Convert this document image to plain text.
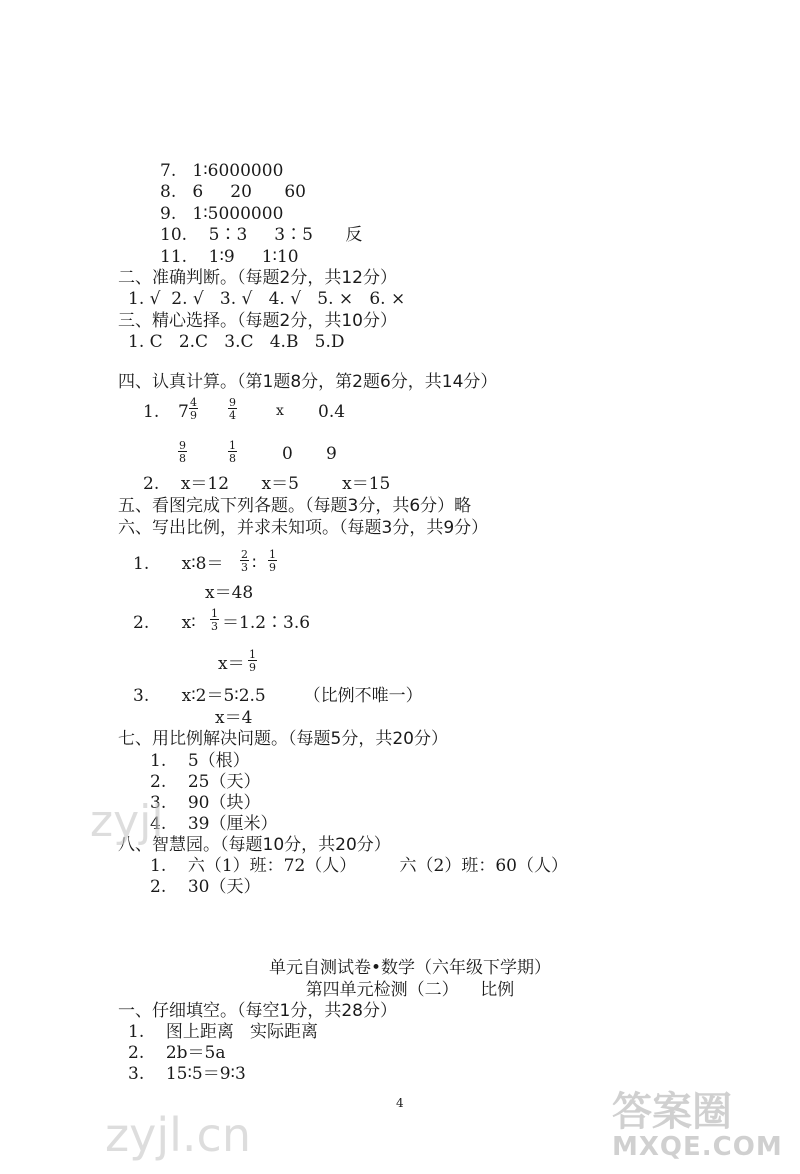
7.   1∶6000000
8.   6     20      60
9.   1∶5000000
10.    5∶3     3∶5      反
11.    1∶9     1∶10
二、准确判断。（每题2分，共12分）
1. √  2. √   3. √   4. √   5. ×   6. ×
三、精心选择。（每题2分，共10分）
1. C   2.C   3.C   4.B   5.D
四、认真计算。（第1题8分，第2题6分，共14分）
1. $7 \frac{4}{9}$	$\frac{9}{4}$	x 0.4
$\frac{9}{8}$	$\frac{1}{8}$	0 9
2.    x＝12      x＝5        x＝15
五、看图完成下列各题。（每题3分，共6分）略
六、写出比例，并求未知项。（每题3分，共9分）
1.      x∶8＝ $\frac{2}{3}$ ∶ $\frac{1}{9}$
x＝48
2.      x∶ $\frac{1}{3}$ ＝1.2∶3.6
$x= \frac{1}{9}$
3.      x∶2＝5∶2.5       （比例不唯一）
x＝4
七、用比例解决问题。（每题5分，共20分）
1.    5（根）
2.    25（天）
3.    90（块）
4.    39（厘米）
八、智慧园。（每题10分，共20分）
1.    六（1）班：72（人）        六（2）班：60（人）
2.    30（天）
单元自测试卷•数学（六年级下学期）
第四单元检测（二）    比例
一、仔细填空。（每空1分，共28分）
1.    图上距离   实际距离
2.    2b＝5a
3.    15∶5＝9∶3
4
zyjl
zyjl.cn	答案圈
MXQE.COM
